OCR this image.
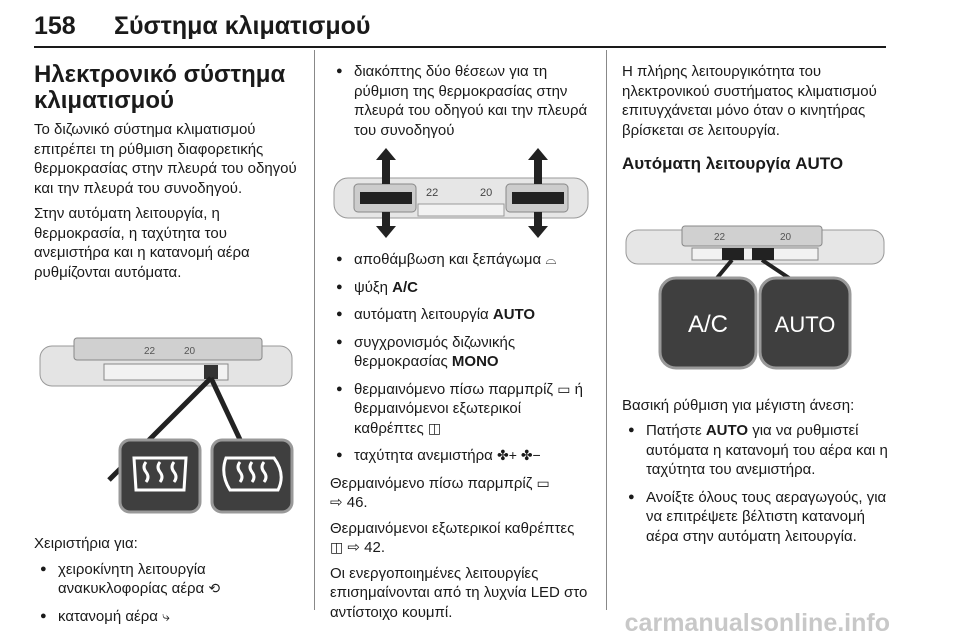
158 Σύστημα κλιματισμού
Ηλεκτρονικό σύστημα κλιματισμού

Το διζωνικό σύστημα κλιματισμού επιτρέπει τη ρύθμιση διαφορετικής θερμοκρασίας στην πλευρά του οδηγού και την πλευρά του συνοδηγού.

Στην αυτόματη λειτουργία, η θερμοκρασία, η ταχύτητα του ανεμιστήρα και η κατανομή αέρα ρυθμίζονται αυτόματα.

22	20

Χειριστήρια για:

● χειροκίνητη λειτουργία ανακυκλοφορίας αέρα ⟲
● κατανομή αέρα ⤷
● διακόπτης δύο θέσεων για τη ρύθμιση της θερμοκρασίας στην πλευρά του οδηγού και την πλευρά του συνοδηγού
22	20
● αποθάμβωση και ξεπάγωμα ⌓
● ψύξη A/C
● αυτόματη λειτουργία AUTO
● συγχρονισμός διζωνικής θερμοκρασίας MONO
● θερμαινόμενο πίσω παρμπρίζ ▭ ή θερμαινόμενοι εξωτερικοί καθρέπτες ◫
● ταχύτητα ανεμιστήρα ✤+ ✤−

Θερμαινόμενο πίσω παρμπρίζ ▭
⇨ 46.

Θερμαινόμενοι εξωτερικοί καθρέπτες
◫ ⇨ 42.

Οι ενεργοποιημένες λειτουργίες επισημαίνονται από τη λυχνία LED στο αντίστοιχο κουμπί.

Η πλήρης λειτουργικότητα του ηλεκτρονικού συστήματος κλιματισμού επιτυγχάνεται μόνο όταν ο κινητήρας βρίσκεται σε λειτουργία.

Αυτόματη λειτουργία AUTO
22	20
A/C AUTO

Βασική ρύθμιση για μέγιστη άνεση:

● Πατήστε AUTO για να ρυθμιστεί αυτόματα η κατανομή του αέρα και η ταχύτητα του ανεμιστήρα.
● Ανοίξτε όλους τους αεραγωγούς, για να επιτρέψετε βέλτιστη κατανομή αέρα στην αυτόματη λειτουργία.
carmanualsonline.info
